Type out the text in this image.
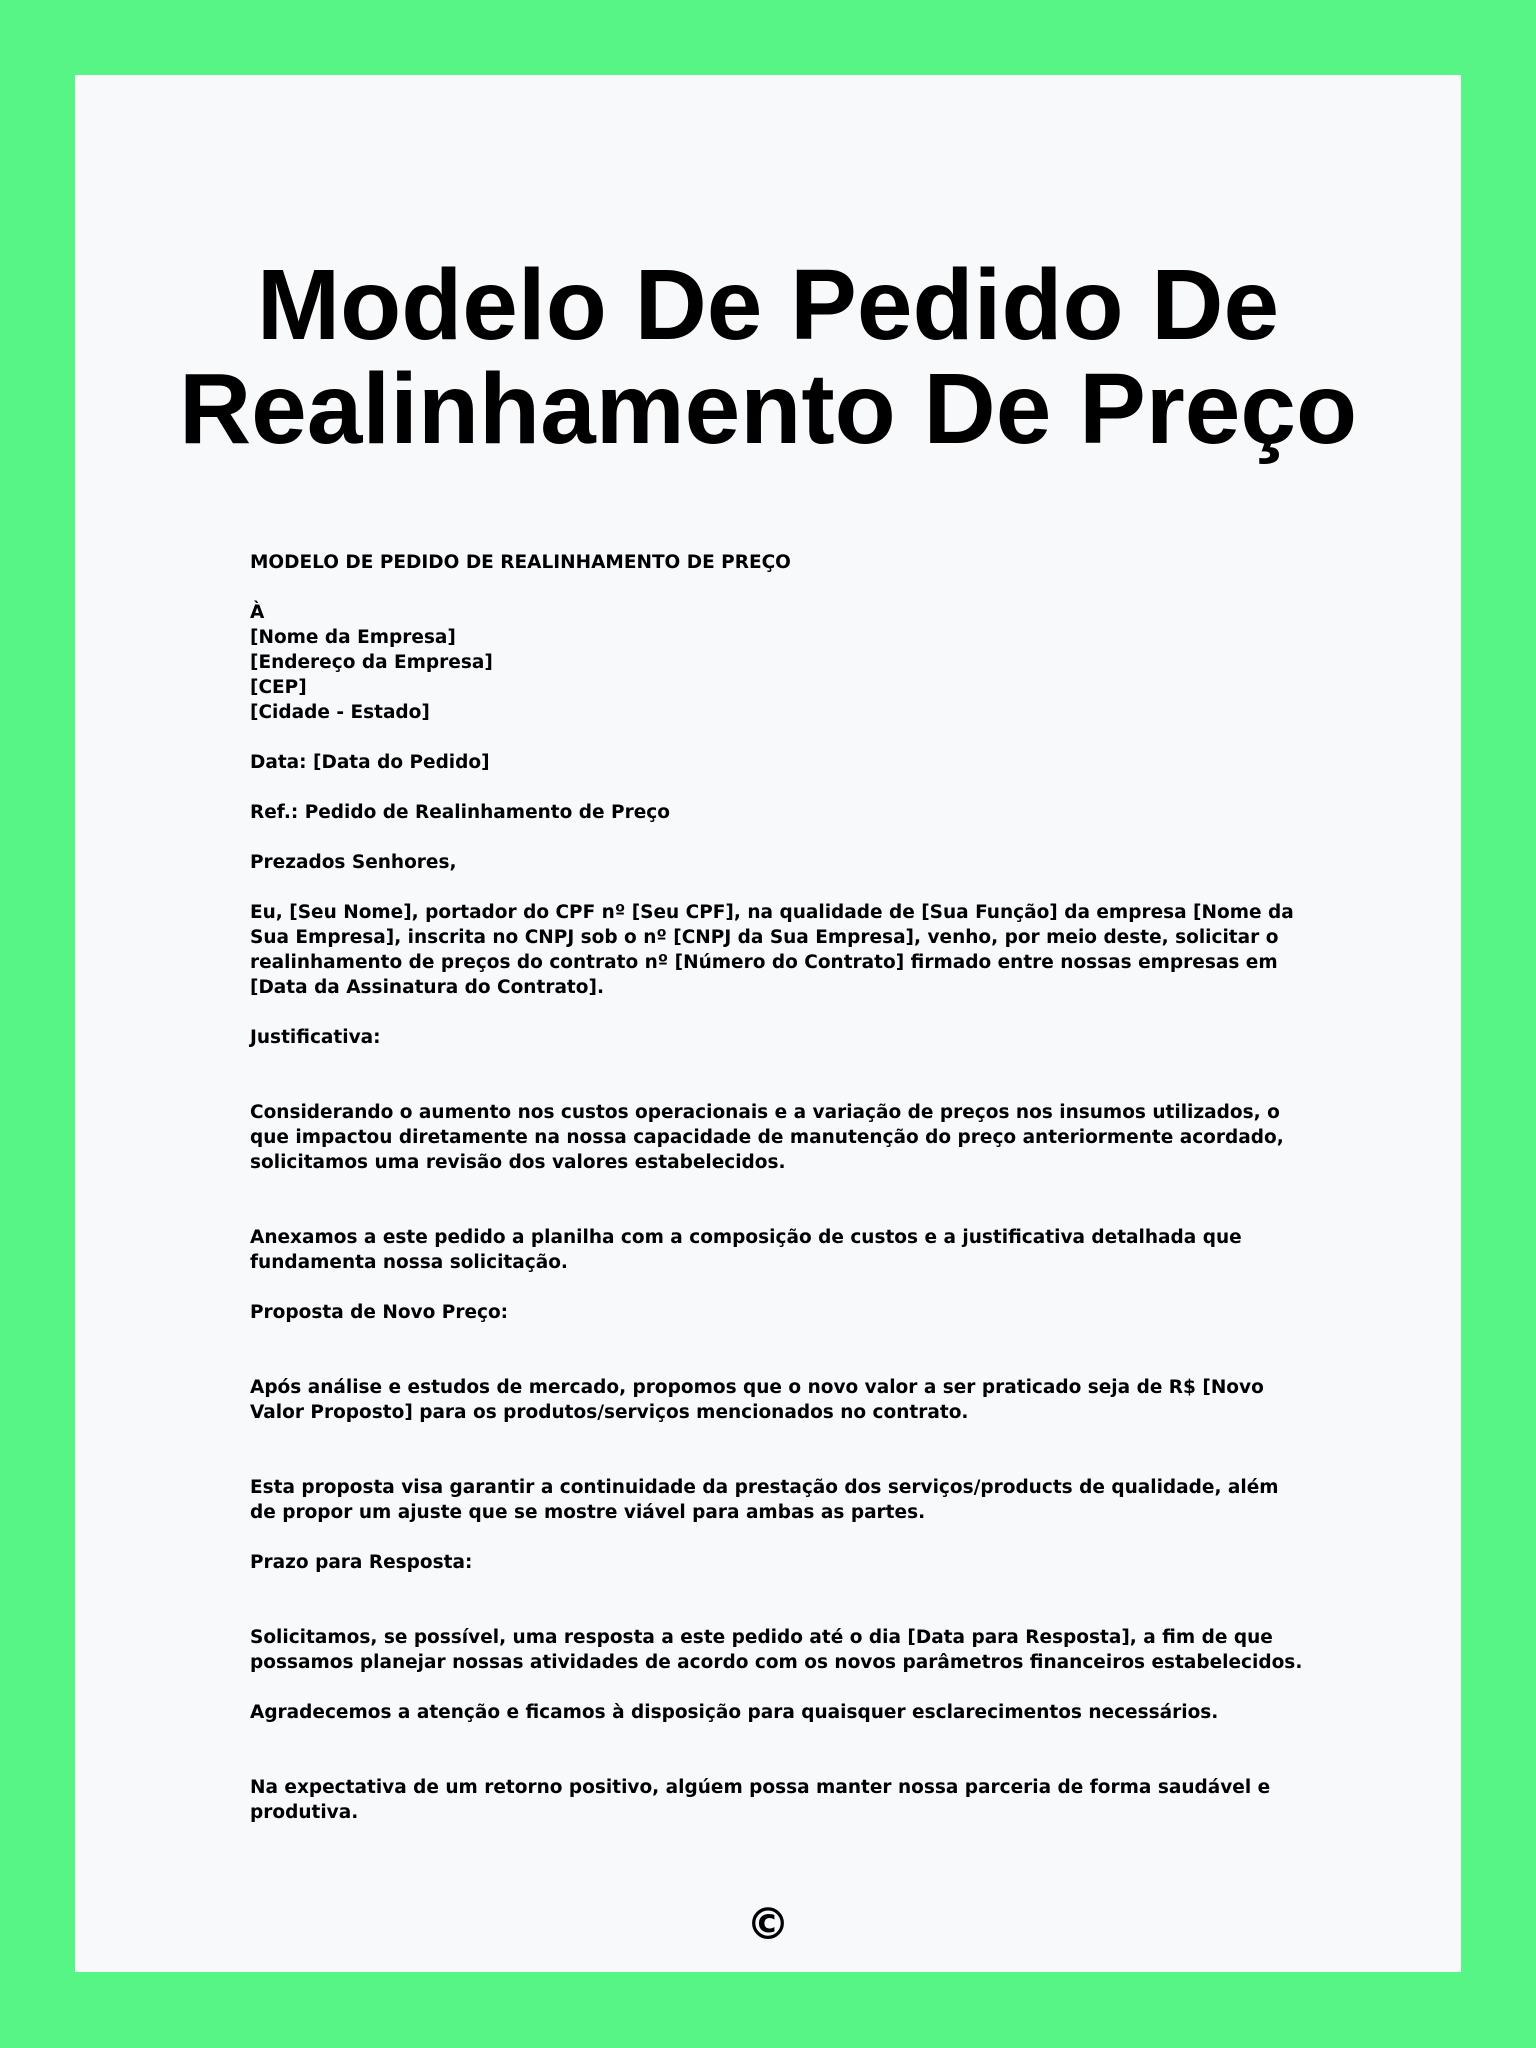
Modelo De Pedido De
Realinhamento De Preço

MODELO DE PEDIDO DE REALINHAMENTO DE PREÇO

À

[Nome da Empresa]

[Endereço da Empresa]

[CEP]

[Cidade - Estado]

Data: [Data do Pedido]

Ref.: Pedido de Realinhamento de Preço

Prezados Senhores,

Eu, [Seu Nome], portador do CPF nº [Seu CPF], na qualidade de [Sua Função] da empresa [Nome da Sua Empresa], inscrita no CNPJ sob o nº [CNPJ da Sua Empresa], venho, por meio deste, solicitar o realinhamento de preços do contrato nº [Número do Contrato] firmado entre nossas empresas em [Data da Assinatura do Contrato].

Justificativa:

Considerando o aumento nos custos operacionais e a variação de preços nos insumos utilizados, o que impactou diretamente na nossa capacidade de manutenção do preço anteriormente acordado, solicitamos uma revisão dos valores estabelecidos.

Anexamos a este pedido a planilha com a composição de custos e a justificativa detalhada que fundamenta nossa solicitação.

Proposta de Novo Preço:

Após análise e estudos de mercado, propomos que o novo valor a ser praticado seja de R$ [Novo Valor Proposto] para os produtos/serviços mencionados no contrato.

Esta proposta visa garantir a continuidade da prestação dos serviços/products de qualidade, além de propor um ajuste que se mostre viável para ambas as partes.

Prazo para Resposta:

Solicitamos, se possível, uma resposta a este pedido até o dia [Data para Resposta], a fim de que possamos planejar nossas atividades de acordo com os novos parâmetros financeiros estabelecidos.

Agradecemos a atenção e ficamos à disposição para quaisquer esclarecimentos necessários.

Na expectativa de um retorno positivo, algúem possa manter nossa parceria de forma saudável e produtiva.

©
